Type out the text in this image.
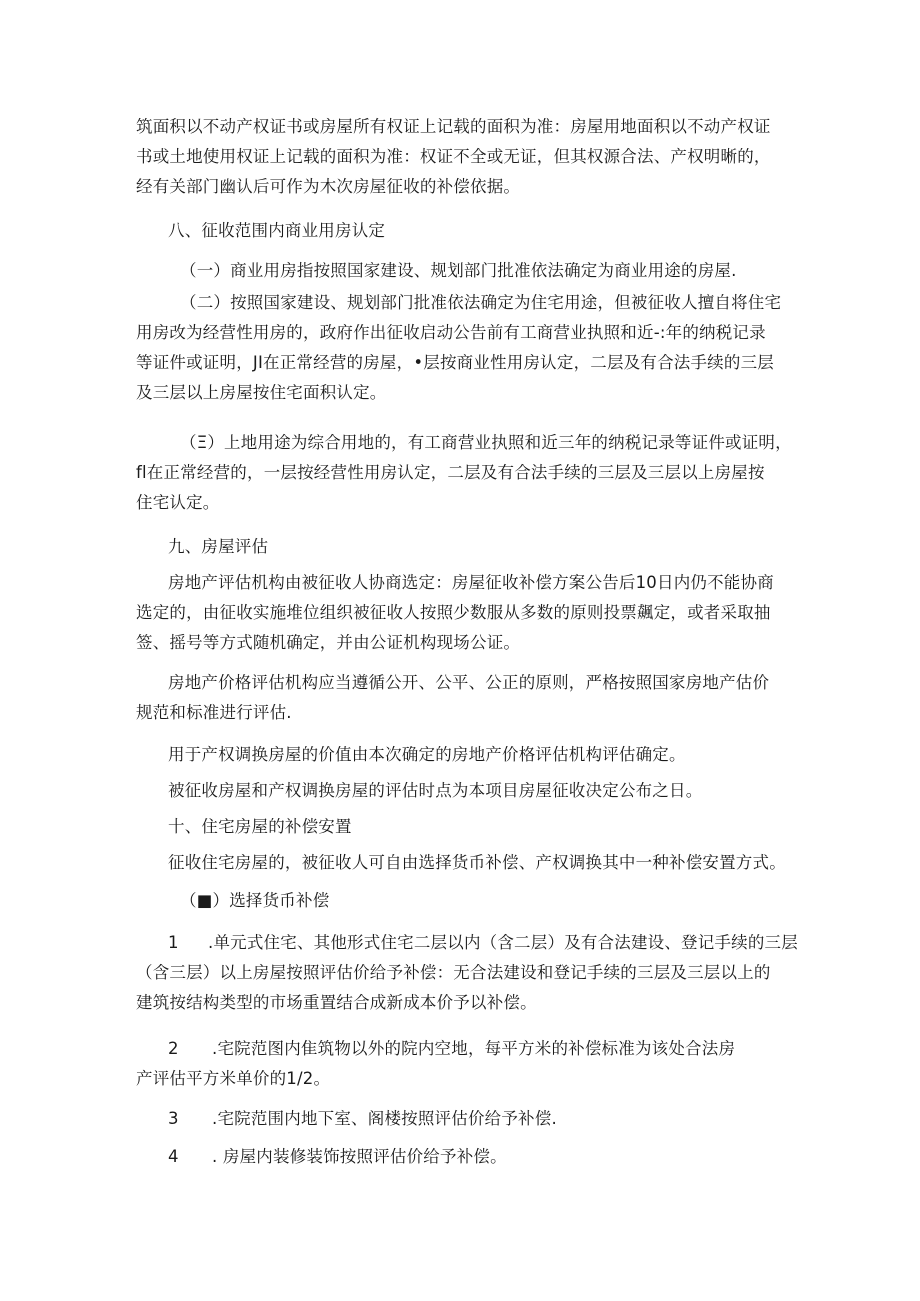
筑面积以不动产权证书或房屋所有权证上记载的面积为准：房屋用地面积以不动产权证
书或土地使用权证上记载的面积为准：权证不全或无证，但其权源合法、产权明晰的，
经有关部门幽认后可作为木次房屋征收的补偿依据。
八、征收范围内商业用房认定
（一）商业用房指按照国家建设、规划部门批准依法确定为商业用途的房屋.
（二）按照国家建设、规划部门批准依法确定为住宅用途，但被征收人擅自将住宅
用房改为经营性用房的，政府作出征收启动公告前有工商营业执照和近-:年的纳税记录
等证件或证明，JI在正常经营的房屋，•层按商业性用房认定，二层及有合法手续的三层
及三层以上房屋按住宅面积认定。
（Ξ）上地用途为综合用地的，有工商营业执照和近三年的纳税记录等证件或证明，
fl在正常经营的，一层按经营性用房认定，二层及有合法手续的三层及三层以上房屋按
住宅认定。
九、房屋评估
房地产评估机构由被征收人协商选定：房屋征收补偿方案公告后10日内仍不能协商
选定的，由征收实施堆位组织被征收人按照少数服从多数的原则投票飆定，或者采取抽
签、摇号等方式随机确定，并由公证机构现场公证。
房地产价格评估机构应当遵循公开、公平、公正的原则，严格按照国家房地产估价
规范和标准进行评估.
用于产权调换房屋的价值由本次确定的房地产价格评估机构评估确定。
被征收房屋和产权调换房屋的评估时点为本项目房屋征收决定公布之日。
十、住宅房屋的补偿安置
征收住宅房屋的，被征收人可自由选择货币补偿、产权调换其中一种补偿安置方式。
（■）选择货币补偿
1 .单元式住宅、其他形式住宅二层以内（含二层）及有合法建设、登记手续的三层
（含三层）以上房屋按照评估价给予补偿：无合法建设和登记手续的三层及三层以上的
建筑按结构类型的市场重置结合成新成本价予以补偿。
2 .宅院范图内隹筑物以外的院内空地，每平方米的补偿标准为该处合法房
产评估平方米单价的1/2。
3 .宅院范围内地下室、阁楼按照评估价给予补偿.
4 . 房屋内装修装饰按照评估价给予补偿。
